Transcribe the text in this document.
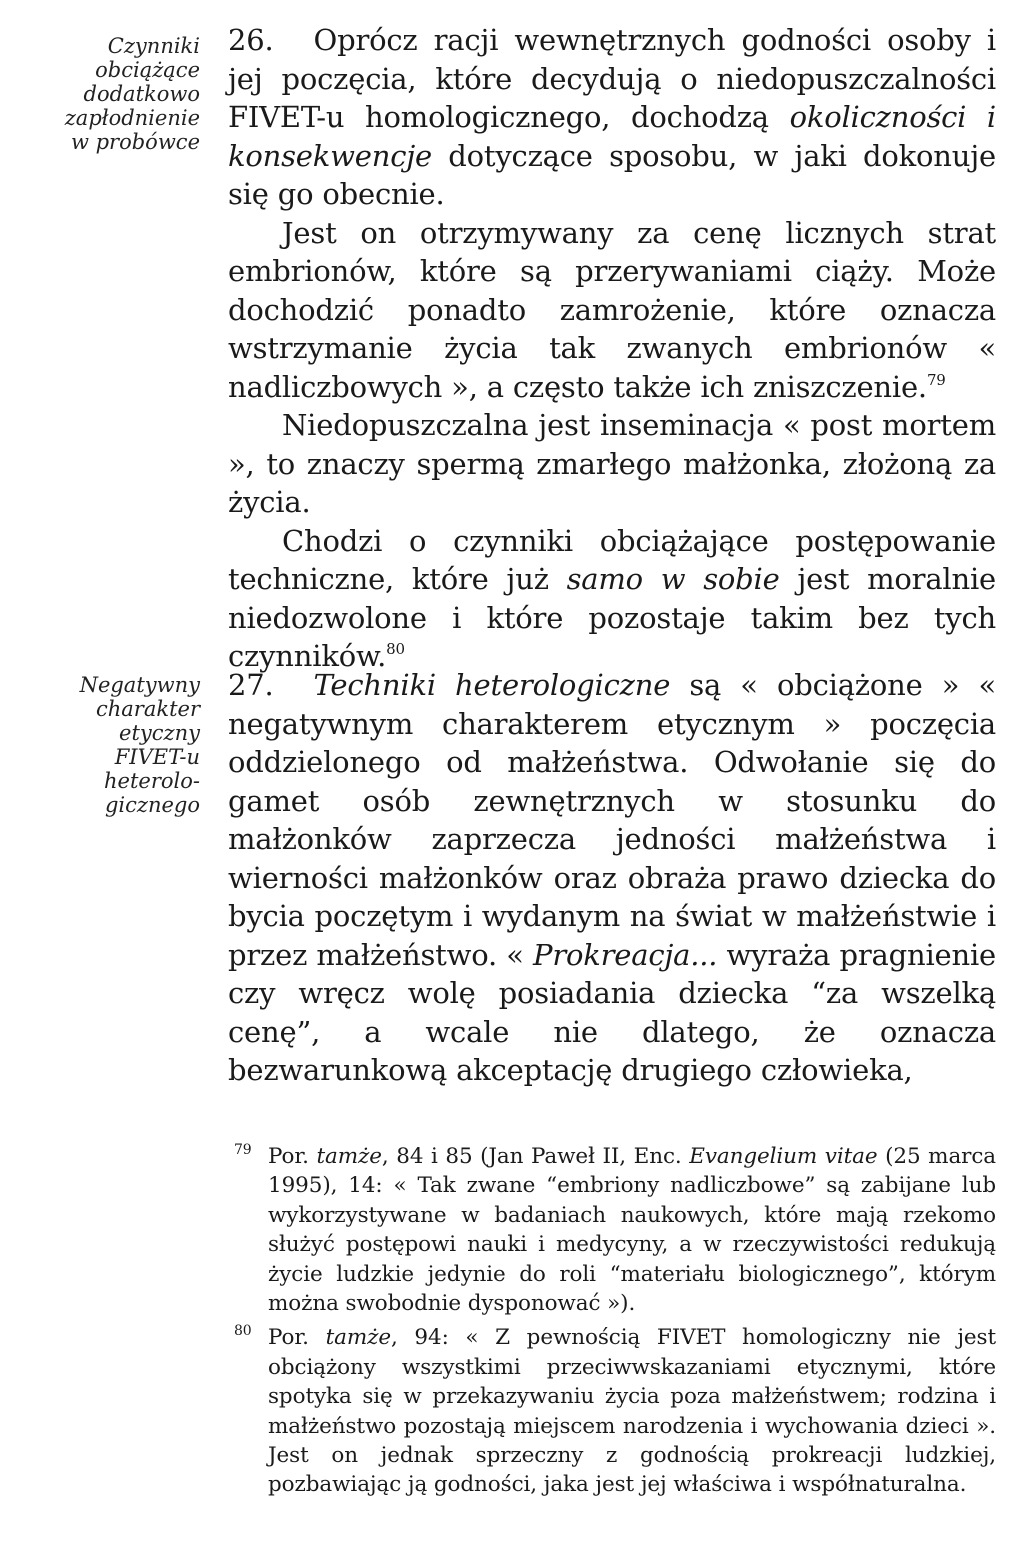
Czynniki
obciążące
dodatkowo
zapłodnienie
w probówce

26. Oprócz racji wewnętrznych godności osoby i jej poczęcia, które decydują o niedopuszczalności FIVET-u homologicznego, dochodzą okoliczności i konsekwencje dotyczące sposobu, w jaki dokonuje się go obecnie.

Jest on otrzymywany za cenę licznych strat embrionów, które są przerywaniami ciąży. Może dochodzić ponadto zamrożenie, które oznacza wstrzymanie życia tak zwanych embrionów « nadliczbowych », a często także ich zniszczenie.$^{79}$

Niedopuszczalna jest inseminacja « post mortem », to znaczy spermą zmarłego małżonka, złożoną za życia.

Chodzi o czynniki obciążające postępowanie techniczne, które już samo w sobie jest moralnie niedozwolone i które pozostaje takim bez tych czynników.$^{80}$

Negatywny
charakter
etyczny
FIVET-u
heterolo-
gicznego

27. Techniki heterologiczne są « obciążone » « negatywnym charakterem etycznym » poczęcia oddzielonego od małżeństwa. Odwołanie się do gamet osób zewnętrznych w stosunku do małżonków zaprzecza jedności małżeństwa i wierności małżonków oraz obraża prawo dziecka do bycia poczętym i wydanym na świat w małżeństwie i przez małżeństwo. « Prokreacja... wyraża pragnienie czy wręcz wolę posiadania dziecka “za wszelką cenę”, a wcale nie dlatego, że oznacza bezwarunkową akceptację drugiego człowieka,

79 Por. tamże, 84 i 85 (Jan Paweł II, Enc. Evangelium vitae (25 marca 1995), 14: « Tak zwane “embriony nadliczbowe” są zabijane lub wykorzystywane w badaniach naukowych, które mają rzekomo służyć postępowi nauki i medycyny, a w rzeczywistości redukują życie ludzkie jedynie do roli “materiału biologicznego”, którym można swobodnie dysponować »).

80 Por. tamże, 94: « Z pewnością FIVET homologiczny nie jest obciążony wszystkimi przeciwwskazaniami etycznymi, które spotyka się w przekazywaniu życia poza małżeństwem; rodzina i małżeństwo pozostają miejscem narodzenia i wychowania dzieci ». Jest on jednak sprzeczny z godnością prokreacji ludzkiej, pozbawiając ją godności, jaka jest jej właściwa i współnaturalna.
